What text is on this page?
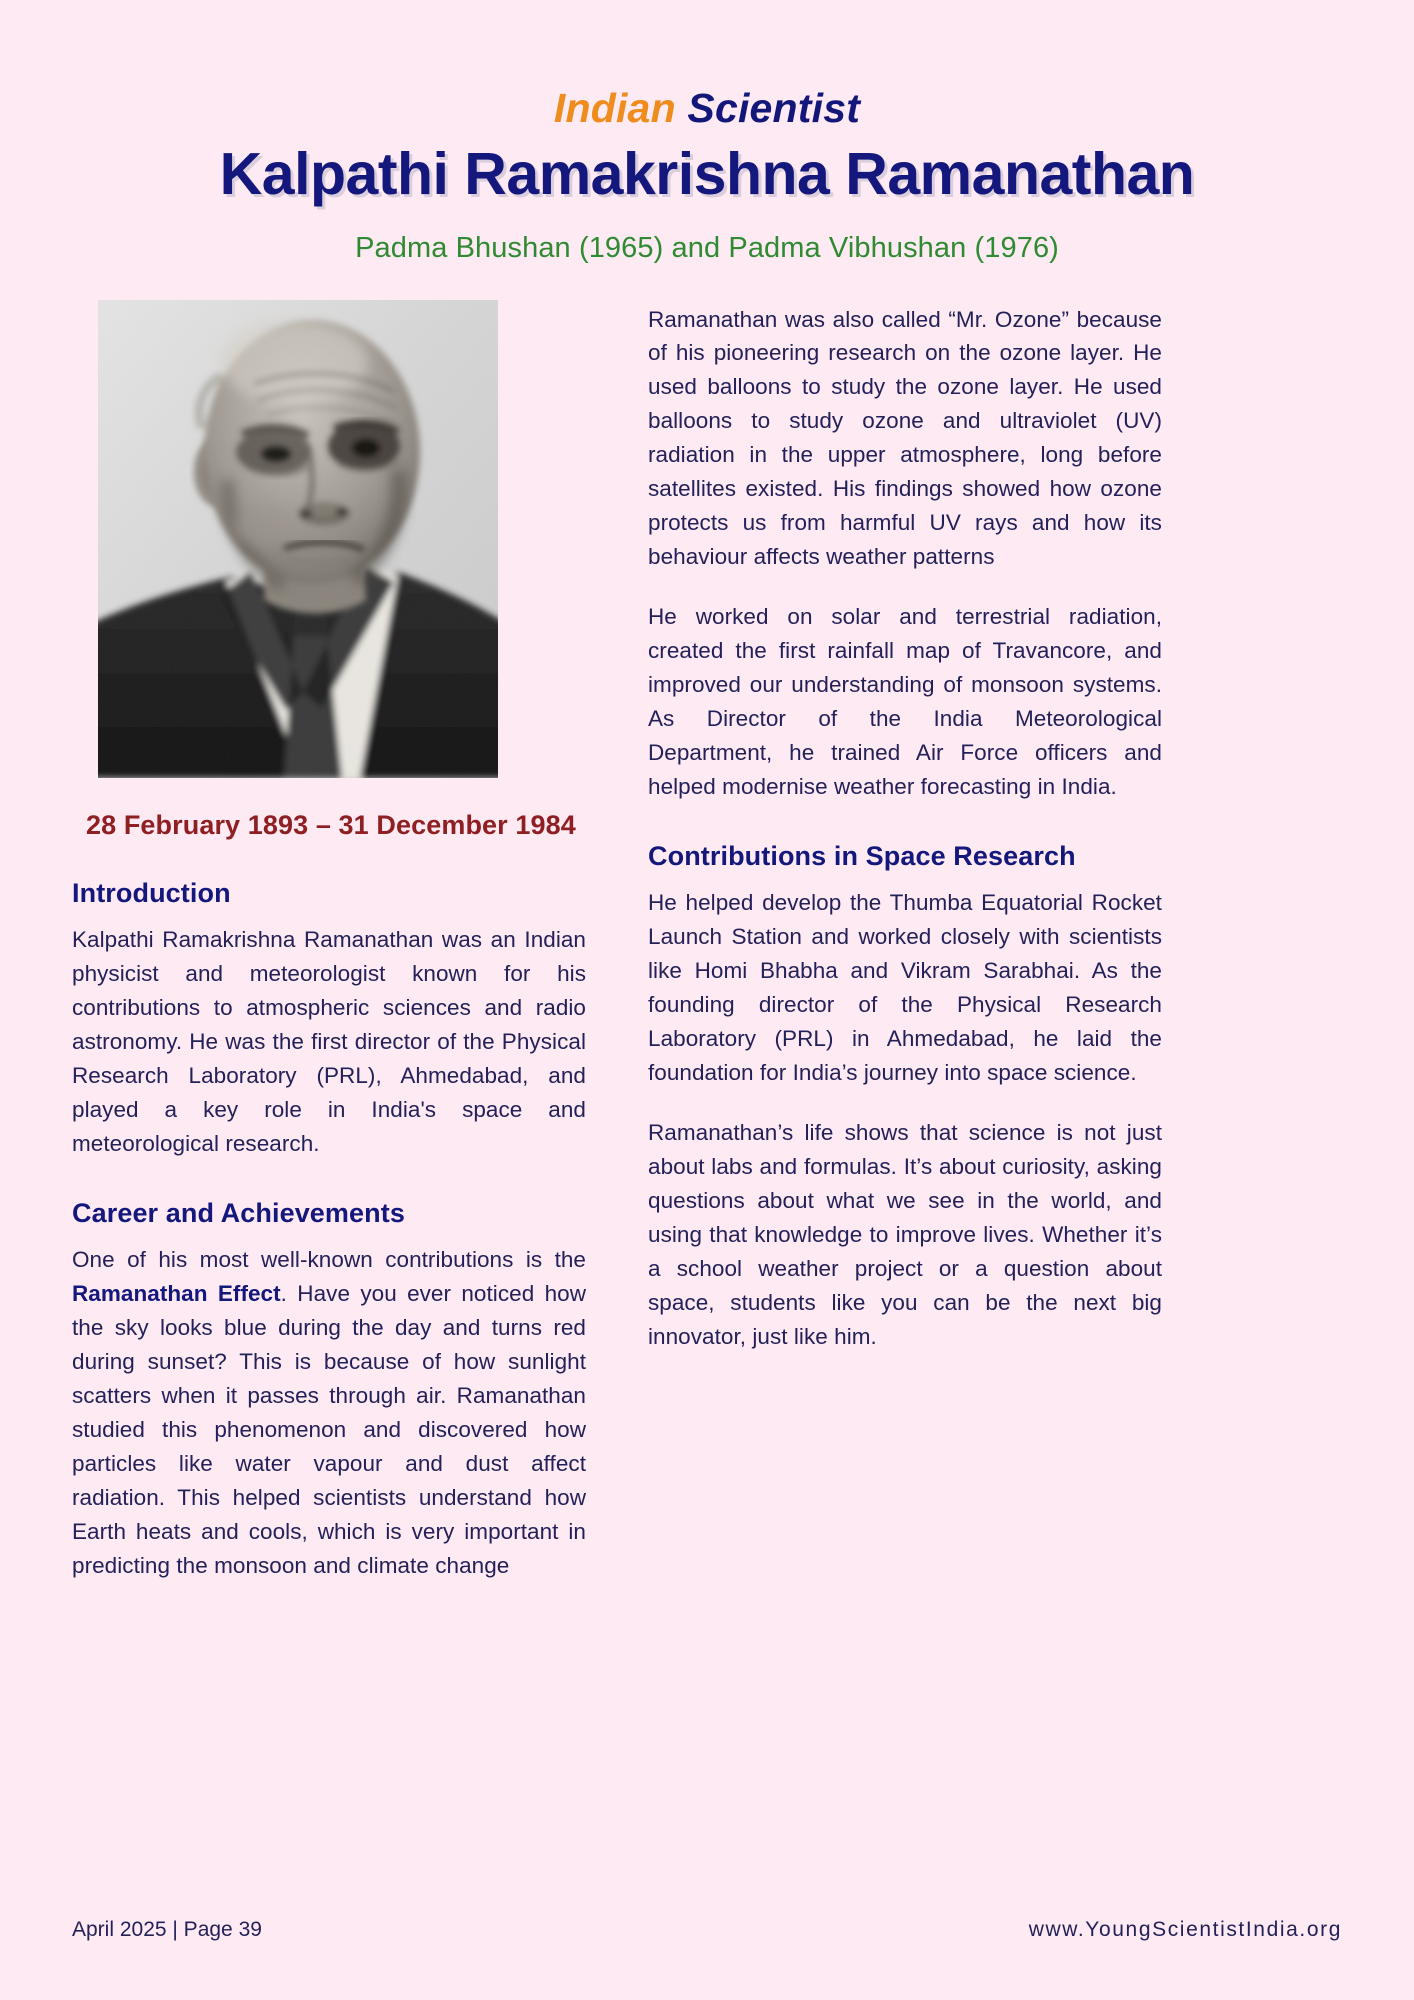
Indian Scientist
Kalpathi Ramakrishna Ramanathan
Padma Bhushan (1965) and Padma Vibhushan (1976)
28 February 1893 – 31 December 1984
Introduction

Kalpathi Ramakrishna Ramanathan was an Indian physicist and meteorologist known for his contributions to atmospheric sciences and radio astronomy. He was the first director of the Physical Research Laboratory (PRL), Ahmedabad, and played a key role in India's space and meteorological research.

Career and Achievements

One of his most well-known contributions is the Ramanathan Effect. Have you ever noticed how the sky looks blue during the day and turns red during sunset? This is because of how sunlight scatters when it passes through air. Ramanathan studied this phenomenon and discovered how particles like water vapour and dust affect radiation. This helped scientists understand how Earth heats and cools, which is very important in predicting the monsoon and climate change

Ramanathan was also called “Mr. Ozone” because of his pioneering research on the ozone layer. He used balloons to study the ozone layer. He used balloons to study ozone and ultraviolet (UV) radiation in the upper atmosphere, long before satellites existed. His findings showed how ozone protects us from harmful UV rays and how its behaviour affects weather patterns

He worked on solar and terrestrial radiation, created the first rainfall map of Travancore, and improved our understanding of monsoon systems. As Director of the India Meteorological Department, he trained Air Force officers and helped modernise weather forecasting in India.

Contributions in Space Research

He helped develop the Thumba Equatorial Rocket Launch Station and worked closely with scientists like Homi Bhabha and Vikram Sarabhai. As the founding director of the Physical Research Laboratory (PRL) in Ahmedabad, he laid the foundation for India’s journey into space science.

Ramanathan’s life shows that science is not just about labs and formulas. It’s about curiosity, asking questions about what we see in the world, and using that knowledge to improve lives. Whether it’s a school weather project or a question about space, students like you can be the next big innovator, just like him.

April 2025 | Page 39	www.YoungScientistIndia.org
